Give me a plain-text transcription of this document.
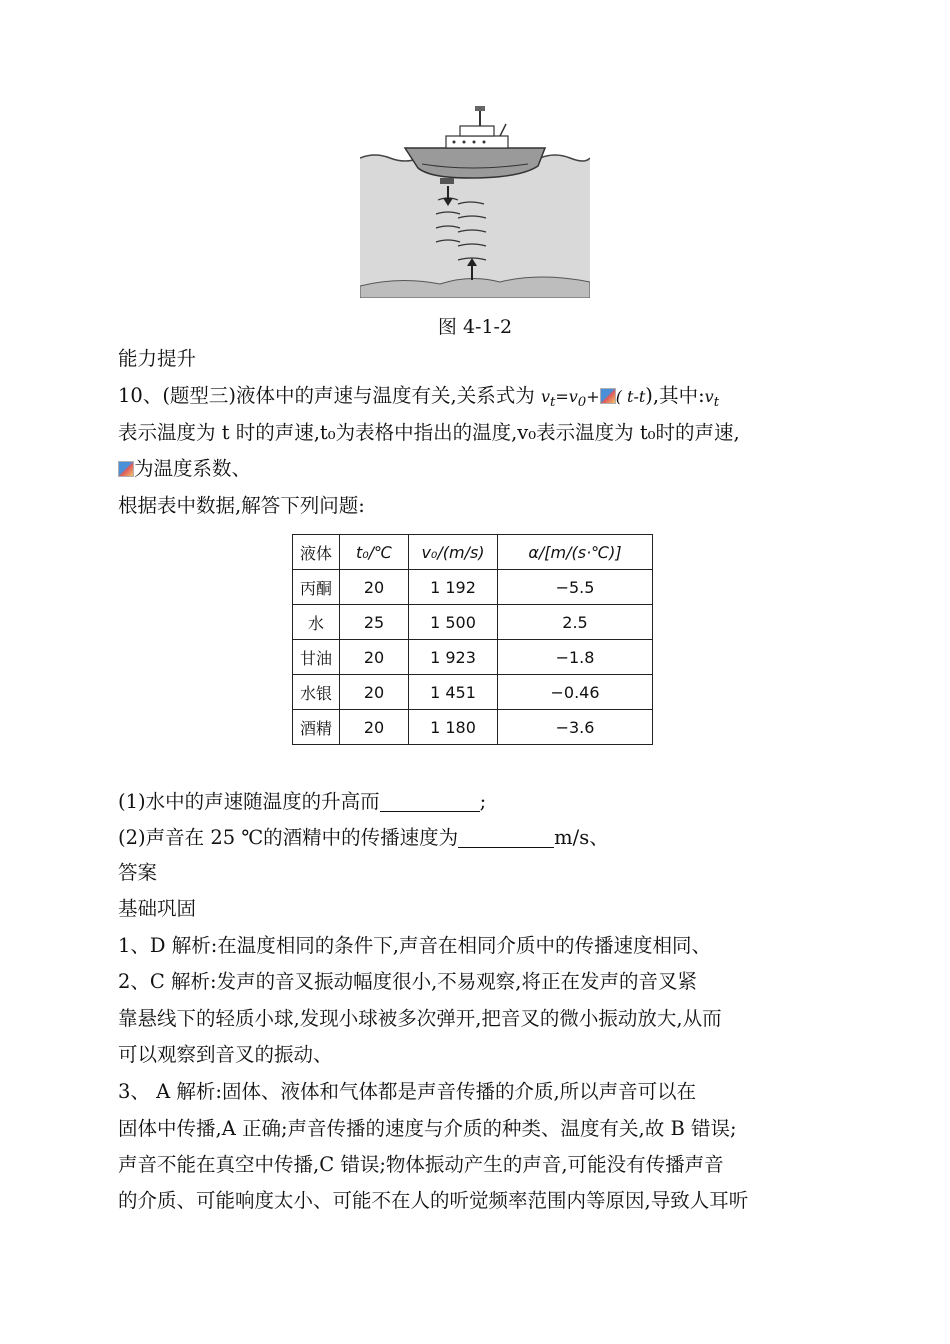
图 4-1-2
能力提升
10、(题型三)液体中的声速与温度有关,关系式为 $v_t=v_0+$ ( t-t),其中$:v_t$
表示温度为 t 时的声速,t₀为表格中指出的温度,v₀表示温度为 t₀时的声速,
为温度系数、
根据表中数据,解答下列问题:
液体	t₀/℃	v₀/(m/s)	α/[m/(s·℃)]
丙酮	20	1 192	−5.5
水	25	1 500	2.5
甘油	20	1 923	−1.8
水银	20	1 451	−0.46
酒精	20	1 180	−3.6
(1)水中的声速随温度的升高而	;
(2)声音在 25 ℃的酒精中的传播速度为	m/s、
答案
基础巩固
1、D 解析:在温度相同的条件下,声音在相同介质中的传播速度相同、
2、C 解析:发声的音叉振动幅度很小,不易观察,将正在发声的音叉紧
靠悬线下的轻质小球,发现小球被多次弹开,把音叉的微小振动放大,从而
可以观察到音叉的振动、
3、 A 解析:固体、液体和气体都是声音传播的介质,所以声音可以在
固体中传播,A 正确;声音传播的速度与介质的种类、温度有关,故 B 错误;
声音不能在真空中传播,C 错误;物体振动产生的声音,可能没有传播声音
的介质、可能响度太小、可能不在人的听觉频率范围内等原因,导致人耳听
